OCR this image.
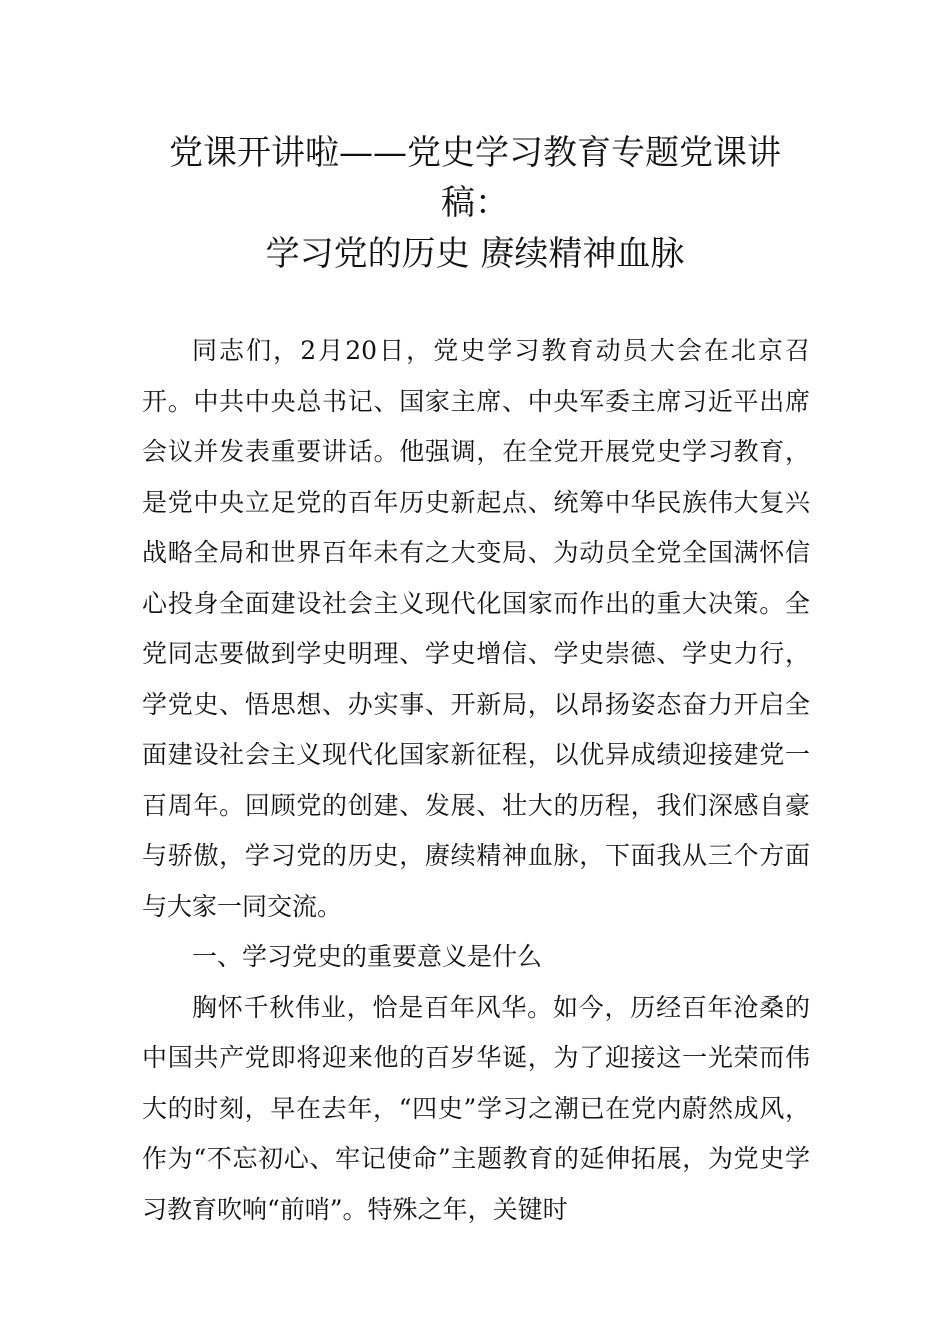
党课开讲啦——党史学习教育专题党课讲稿：
学习党的历史 赓续精神血脉

同志们，2月20日，党史学习教育动员大会在北京召开。中共中央总书记、国家主席、中央军委主席习近平出席会议并发表重要讲话。他强调，在全党开展党史学习教育，是党中央立足党的百年历史新起点、统筹中华民族伟大复兴战略全局和世界百年未有之大变局、为动员全党全国满怀信心投身全面建设社会主义现代化国家而作出的重大决策。全党同志要做到学史明理、学史增信、学史崇德、学史力行，学党史、悟思想、办实事、开新局，以昂扬姿态奋力开启全面建设社会主义现代化国家新征程，以优异成绩迎接建党一百周年。回顾党的创建、发展、壮大的历程，我们深感自豪与骄傲，学习党的历史，赓续精神血脉，下面我从三个方面与大家一同交流。

一、学习党史的重要意义是什么

胸怀千秋伟业，恰是百年风华。如今，历经百年沧桑的中国共产党即将迎来他的百岁华诞，为了迎接这一光荣而伟大的时刻，早在去年，“四史”学习之潮已在党内蔚然成风，作为“不忘初心、牢记使命”主题教育的延伸拓展，为党史学习教育吹响“前哨”。特殊之年，关键时
